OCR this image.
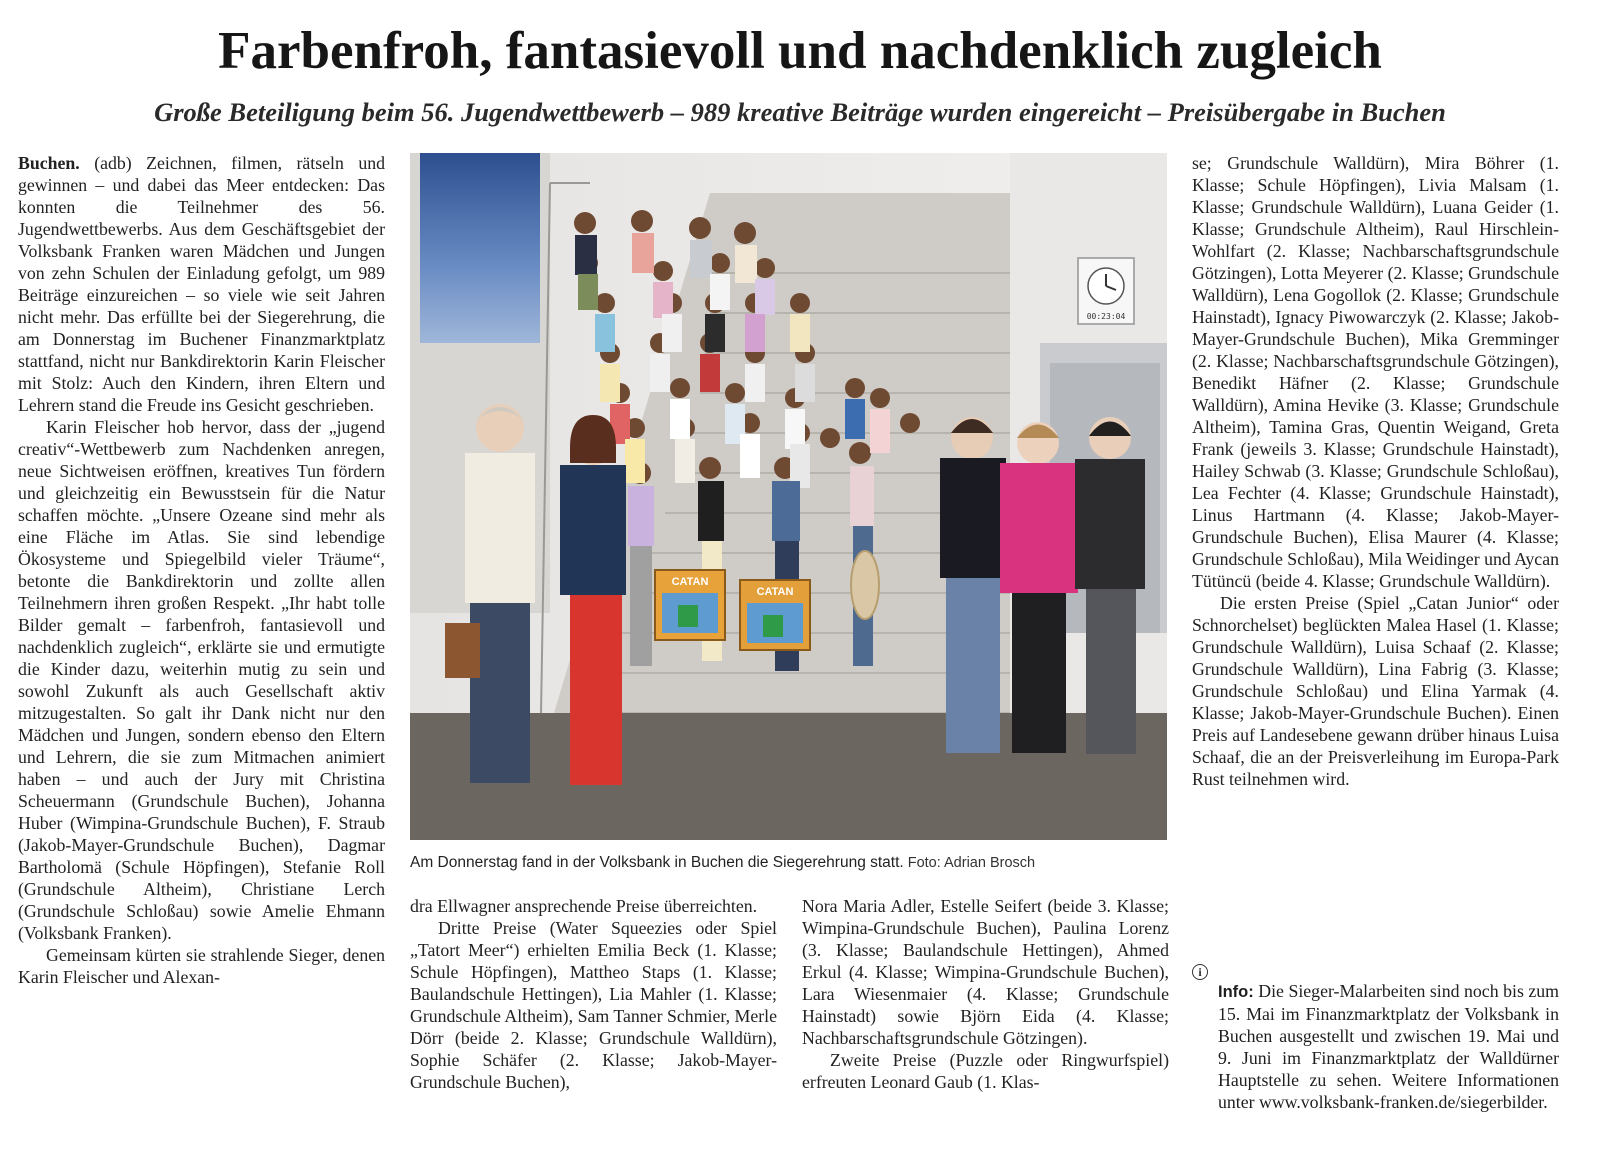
Farbenfroh, fantasievoll und nachdenklich zugleich
Große Beteiligung beim 56. Jugendwettbewerb – 989 kreative Beiträge wurden eingereicht – Preisübergabe in Buchen

Buchen. (adb) Zeichnen, filmen, rätseln und gewinnen – und dabei das Meer entdecken: Das konnten die Teilnehmer des 56. Jugendwettbewerbs. Aus dem Geschäftsgebiet der Volksbank Franken waren Mädchen und Jungen von zehn Schulen der Einladung gefolgt, um 989 Beiträge einzureichen – so viele wie seit Jahren nicht mehr. Das erfüllte bei der Siegerehrung, die am Donnerstag im Buchener Finanzmarktplatz stattfand, nicht nur Bankdirektorin Karin Fleischer mit Stolz: Auch den Kindern, ihren Eltern und Lehrern stand die Freude ins Gesicht geschrieben.

Karin Fleischer hob hervor, dass der „jugend creativ“-Wettbewerb zum Nachdenken anregen, neue Sichtweisen eröffnen, kreatives Tun fördern und gleichzeitig ein Bewusstsein für die Natur schaffen möchte. „Unsere Ozeane sind mehr als eine Fläche im Atlas. Sie sind lebendige Ökosysteme und Spiegelbild vieler Träume“, betonte die Bankdirektorin und zollte allen Teilnehmern ihren großen Respekt. „Ihr habt tolle Bilder gemalt – farbenfroh, fantasievoll und nachdenklich zugleich“, erklärte sie und ermutigte die Kinder dazu, weiterhin mutig zu sein und sowohl Zukunft als auch Gesellschaft aktiv mitzugestalten. So galt ihr Dank nicht nur den Mädchen und Jungen, sondern ebenso den Eltern und Lehrern, die sie zum Mitmachen animiert haben – und auch der Jury mit Christina Scheuermann (Grundschule Buchen), Johanna Huber (Wimpina-Grundschule Buchen), F. Straub (Jakob-Mayer-Grundschule Buchen), Dagmar Bartholomä (Schule Höpfingen), Stefanie Roll (Grundschule Altheim), Christiane Lerch (Grundschule Schloßau) sowie Amelie Ehmann (Volksbank Franken).

Gemeinsam kürten sie strahlende Sieger, denen Karin Fleischer und Alexan-

00:23:04
CATAN
CATAN
Am Donnerstag fand in der Volksbank in Buchen die Siegerehrung statt. Foto: Adrian Brosch

dra Ellwagner ansprechende Preise überreichten.

Dritte Preise (Water Squeezies oder Spiel „Tatort Meer“) erhielten Emilia Beck (1. Klasse; Schule Höpfingen), Mattheo Staps (1. Klasse; Baulandschule Hettingen), Lia Mahler (1. Klasse; Grundschule Altheim), Sam Tanner Schmier, Merle Dörr (beide 2. Klasse; Grundschule Walldürn), Sophie Schäfer (2. Klasse; Jakob-Mayer-Grundschule Buchen),

Nora Maria Adler, Estelle Seifert (beide 3. Klasse; Wimpina-Grundschule Buchen), Paulina Lorenz (3. Klasse; Baulandschule Hettingen), Ahmed Erkul (4. Klasse; Wimpina-Grundschule Buchen), Lara Wiesenmaier (4. Klasse; Grundschule Hainstadt) sowie Björn Eida (4. Klasse; Nachbarschaftsgrundschule Götzingen).

Zweite Preise (Puzzle oder Ringwurfspiel) erfreuten Leonard Gaub (1. Klas-

se; Grundschule Walldürn), Mira Böhrer (1. Klasse; Schule Höpfingen), Livia Malsam (1. Klasse; Grundschule Walldürn), Luana Geider (1. Klasse; Grundschule Altheim), Raul Hirschlein-Wohlfart (2. Klasse; Nachbarschaftsgrundschule Götzingen), Lotta Meyerer (2. Klasse; Grundschule Walldürn), Lena Gogollok (2. Klasse; Grundschule Hainstadt), Ignacy Piwowarczyk (2. Klasse; Jakob-Mayer-Grundschule Buchen), Mika Gremminger (2. Klasse; Nachbarschaftsgrundschule Götzingen), Benedikt Häfner (2. Klasse; Grundschule Walldürn), Amina Hevike (3. Klasse; Grundschule Altheim), Tamina Gras, Quentin Weigand, Greta Frank (jeweils 3. Klasse; Grundschule Hainstadt), Hailey Schwab (3. Klasse; Grundschule Schloßau), Lea Fechter (4. Klasse; Grundschule Hainstadt), Linus Hartmann (4. Klasse; Jakob-Mayer-Grundschule Buchen), Elisa Maurer (4. Klasse; Grundschule Schloßau), Mila Weidinger und Aycan Tütüncü (beide 4. Klasse; Grundschule Walldürn).

Die ersten Preise (Spiel „Catan Junior“ oder Schnorchelset) beglückten Malea Hasel (1. Klasse; Grundschule Walldürn), Luisa Schaaf (2. Klasse; Grundschule Walldürn), Lina Fabrig (3. Klasse; Grundschule Schloßau) und Elina Yarmak (4. Klasse; Jakob-Mayer-Grundschule Buchen). Einen Preis auf Landesebene gewann drüber hinaus Luisa Schaaf, die an der Preisverleihung im Europa-Park Rust teilnehmen wird.

i

Info: Die Sieger-Malarbeiten sind noch bis zum 15. Mai im Finanzmarktplatz der Volksbank in Buchen ausgestellt und zwischen 19. Mai und 9. Juni im Finanzmarktplatz der Walldürner Hauptstelle zu sehen. Weitere Informationen unter www.volksbank-franken.de/siegerbilder.
